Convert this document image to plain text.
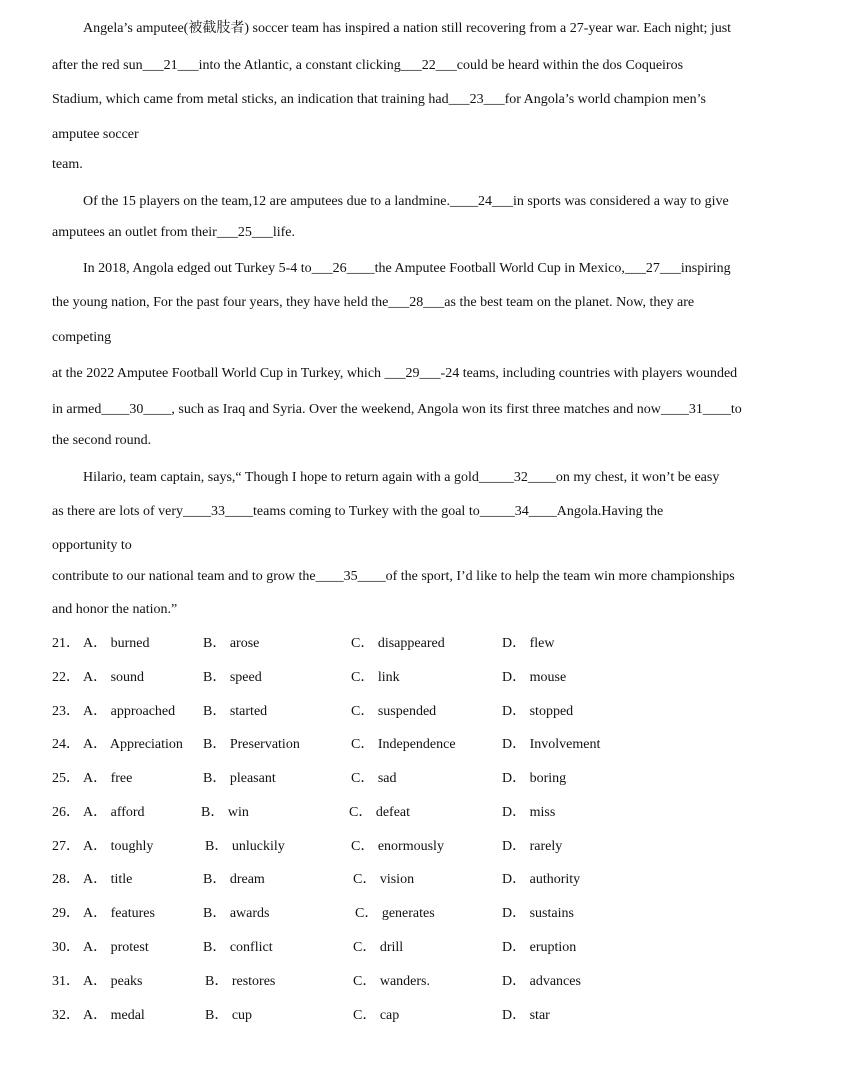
Angela’s amputee(被截肢者) soccer team has inspired a nation still recovering from a 27-year war. Each night; just
after the red sun___21___into the Atlantic, a constant clicking___22___could be heard within the dos Coqueiros
Stadium, which came from metal sticks, an indication that training had___23___for Angola’s world champion men’s
amputee soccer
team.
Of the 15 players on the team,12 are amputees due to a landmine.____24___in sports was considered a way to give
amputees an outlet from their___25___life.
In 2018, Angola edged out Turkey 5-4 to___26____the Amputee Football World Cup in Mexico,___27___inspiring
the young nation, For the past four years, they have held the___28___as the best team on the planet. Now, they are
competing
at the 2022 Amputee Football World Cup in Turkey, which ___29___-24 teams, including countries with players wounded
in armed____30____, such as Iraq and Syria. Over the weekend, Angola won its first three matches and now____31____to
the second round.
Hilario, team captain, says,“ Though I hope to return again with a gold_____32____on my chest, it won’t be easy
as there are lots of very____33____teams coming to Turkey with the goal to_____34____Angola.Having the
opportunity to
contribute to our national team and to grow the____35____of the sport, I’d like to help the team win more championships
and honor the nation.”
21． A． burned	B． arose	C． disappeared	D． flew
22． A． sound	B． speed	C． link	D． mouse
23． A． approached B． started	C． suspended	D． stopped
24． A． Appreciation B． Preservation	C． Independence	D． Involvement
25． A． free	B． pleasant	C． sad	D． boring
26． A． afford	B． win	C． defeat	D． miss
27． A． toughly	B． unluckily	C． enormously	D． rarely
28． A． title	B． dream	C． vision	D． authority
29． A． features	B． awards	C． generates	D． sustains
30． A． protest	B． conflict	C． drill	D． eruption
31． A． peaks	B． restores	C． wanders.	D． advances
32． A． medal	B． cup	C． cap	D． star
